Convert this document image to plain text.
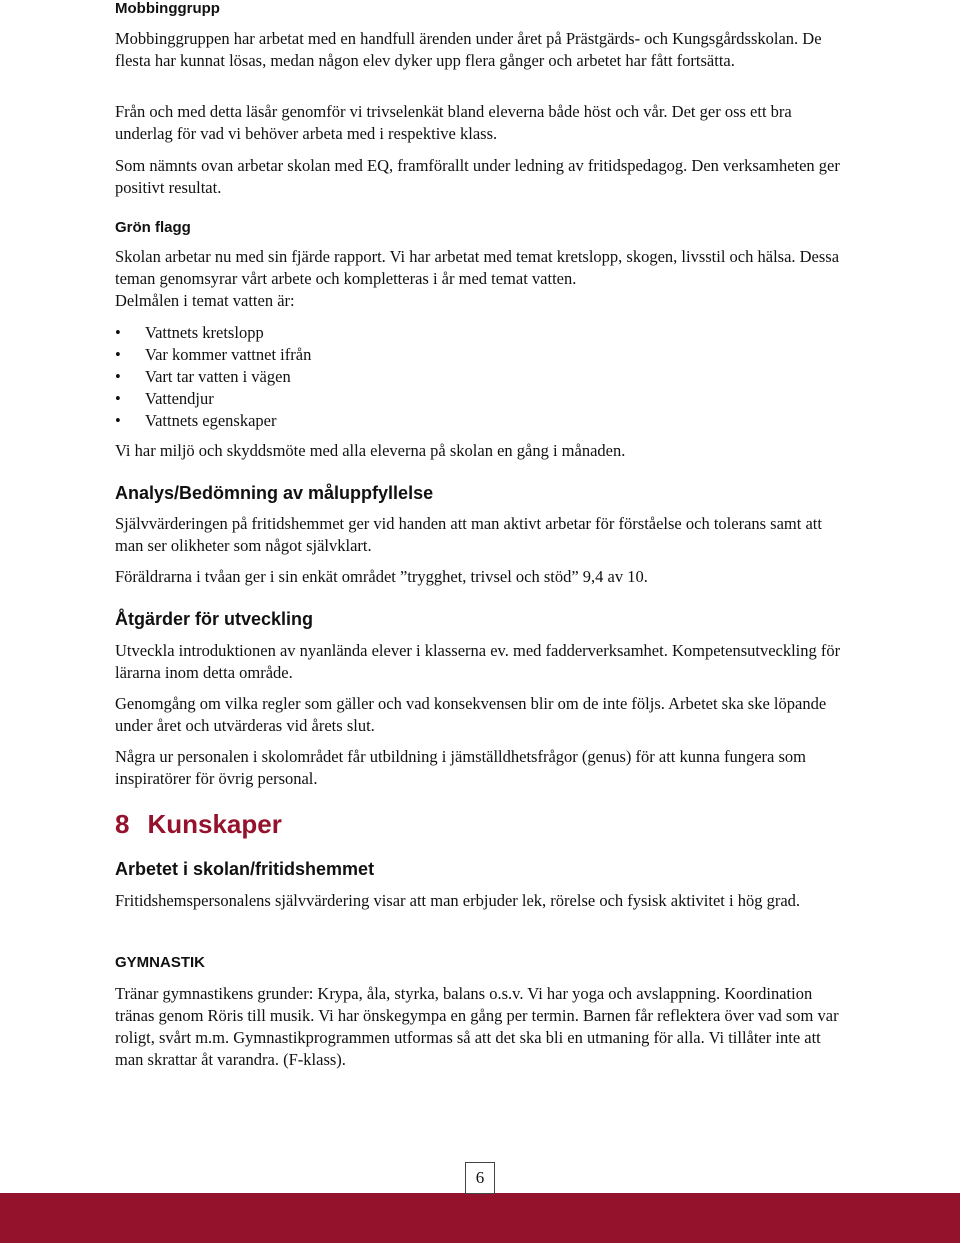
Mobbinggrupp

Mobbinggruppen har arbetat med en handfull ärenden under året på Prästgärds- och Kungsgårdsskolan. De flesta har kunnat lösas, medan någon elev dyker upp flera gånger och arbetet har fått fortsätta.

Från och med detta läsår genomför vi trivselenkät bland eleverna både höst och vår. Det ger oss ett bra underlag för vad vi behöver arbeta med i respektive klass.

Som nämnts ovan arbetar skolan med EQ, framförallt under ledning av fritidspedagog. Den verksamheten ger positivt resultat.

Grön flagg

Skolan arbetar nu med sin fjärde rapport. Vi har arbetat med temat kretslopp, skogen, livsstil och hälsa. Dessa teman genomsyrar vårt arbete och kompletteras i år med temat vatten.

Delmålen i temat vatten är:

• Vattnets kretslopp
• Var kommer vattnet ifrån
• Vart tar vatten i vägen
• Vattendjur
• Vattnets egenskaper

Vi har miljö och skyddsmöte med alla eleverna på skolan en gång i månaden.

Analys/Bedömning av måluppfyllelse

Självvärderingen på fritidshemmet ger vid handen att man aktivt arbetar för förståelse och tolerans samt att man ser olikheter som något självklart.

Föräldrarna i tvåan ger i sin enkät området ”trygghet, trivsel och stöd” 9,4 av 10.

Åtgärder för utveckling

Utveckla introduktionen av nyanlända elever i klasserna ev. med fadderverksamhet. Kompetensutveckling för lärarna inom detta område.

Genomgång om vilka regler som gäller och vad konsekvensen blir om de inte följs. Arbetet ska ske löpande under året och utvärderas vid årets slut.

Några ur personalen i skolområdet får utbildning i jämställdhetsfrågor (genus) för att kunna fungera som inspiratörer för övrig personal.

8 Kunskaper
Arbetet i skolan/fritidshemmet

Fritidshemspersonalens självvärdering visar att man erbjuder lek, rörelse och fysisk aktivitet i hög grad.

GYMNASTIK

Tränar gymnastikens grunder: Krypa, åla, styrka, balans o.s.v. Vi har yoga och avslappning. Koordination tränas genom Röris till musik. Vi har önskegympa en gång per termin. Barnen får reflektera över vad som var roligt, svårt m.m. Gymnastikprogrammen utformas så att det ska bli en utmaning för alla. Vi tillåter inte att man skrattar åt varandra. (F-klass).

6
